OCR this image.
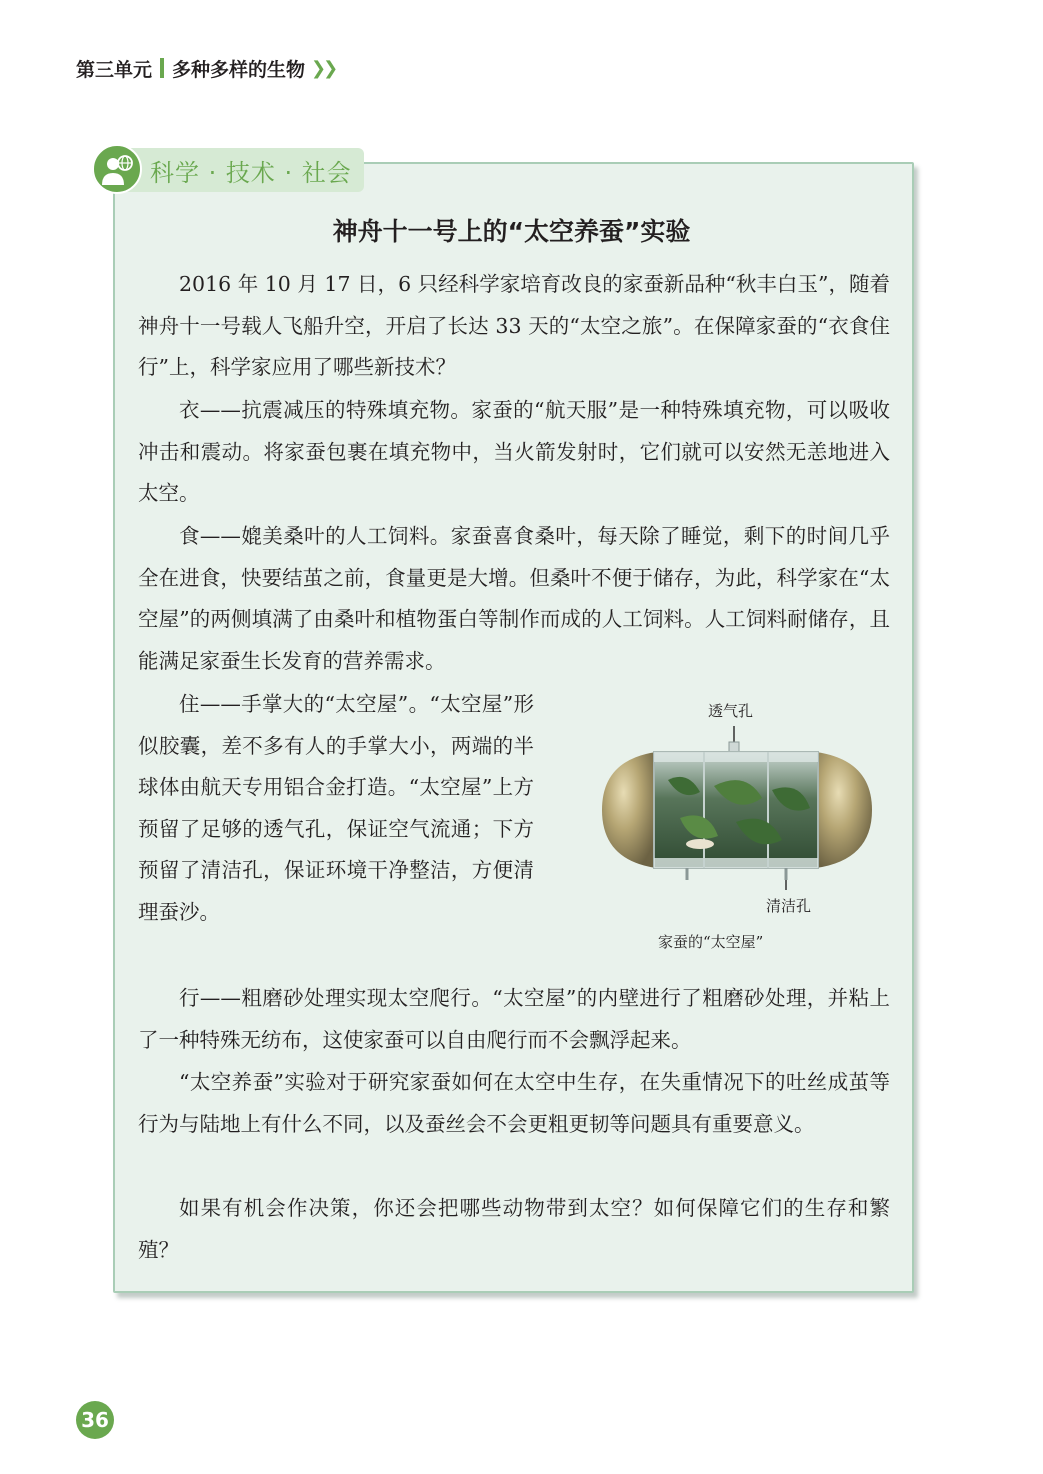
第三单元 多种多样的生物 ❯❯
科学 · 技术 · 社会
神舟十一号上的“太空养蚕”实验

2016 年 10 月 17 日，6 只经科学家培育改良的家蚕新品种“秋丰白玉”，随着神舟十一号载人飞船升空，开启了长达 33 天的“太空之旅”。在保障家蚕的“衣食住行”上，科学家应用了哪些新技术？

衣——抗震减压的特殊填充物。家蚕的“航天服”是一种特殊填充物，可以吸收冲击和震动。将家蚕包裹在填充物中，当火箭发射时，它们就可以安然无恙地进入太空。

食——媲美桑叶的人工饲料。家蚕喜食桑叶，每天除了睡觉，剩下的时间几乎全在进食，快要结茧之前，食量更是大增。但桑叶不便于储存，为此，科学家在“太空屋”的两侧填满了由桑叶和植物蛋白等制作而成的人工饲料。人工饲料耐储存，且能满足家蚕生长发育的营养需求。

住——手掌大的“太空屋”。“太空屋”形似胶囊，差不多有人的手掌大小，两端的半球体由航天专用铝合金打造。“太空屋”上方预留了足够的透气孔，保证空气流通；下方预留了清洁孔，保证环境干净整洁，方便清理蚕沙。

行——粗磨砂处理实现太空爬行。“太空屋”的内壁进行了粗磨砂处理，并粘上了一种特殊无纺布，这使家蚕可以自由爬行而不会飘浮起来。

“太空养蚕”实验对于研究家蚕如何在太空中生存，在失重情况下的吐丝成茧等行为与陆地上有什么不同，以及蚕丝会不会更粗更韧等问题具有重要意义。

如果有机会作决策，你还会把哪些动物带到太空？如何保障它们的生存和繁殖？

透气孔
清洁孔
家蚕的“太空屋”
36
